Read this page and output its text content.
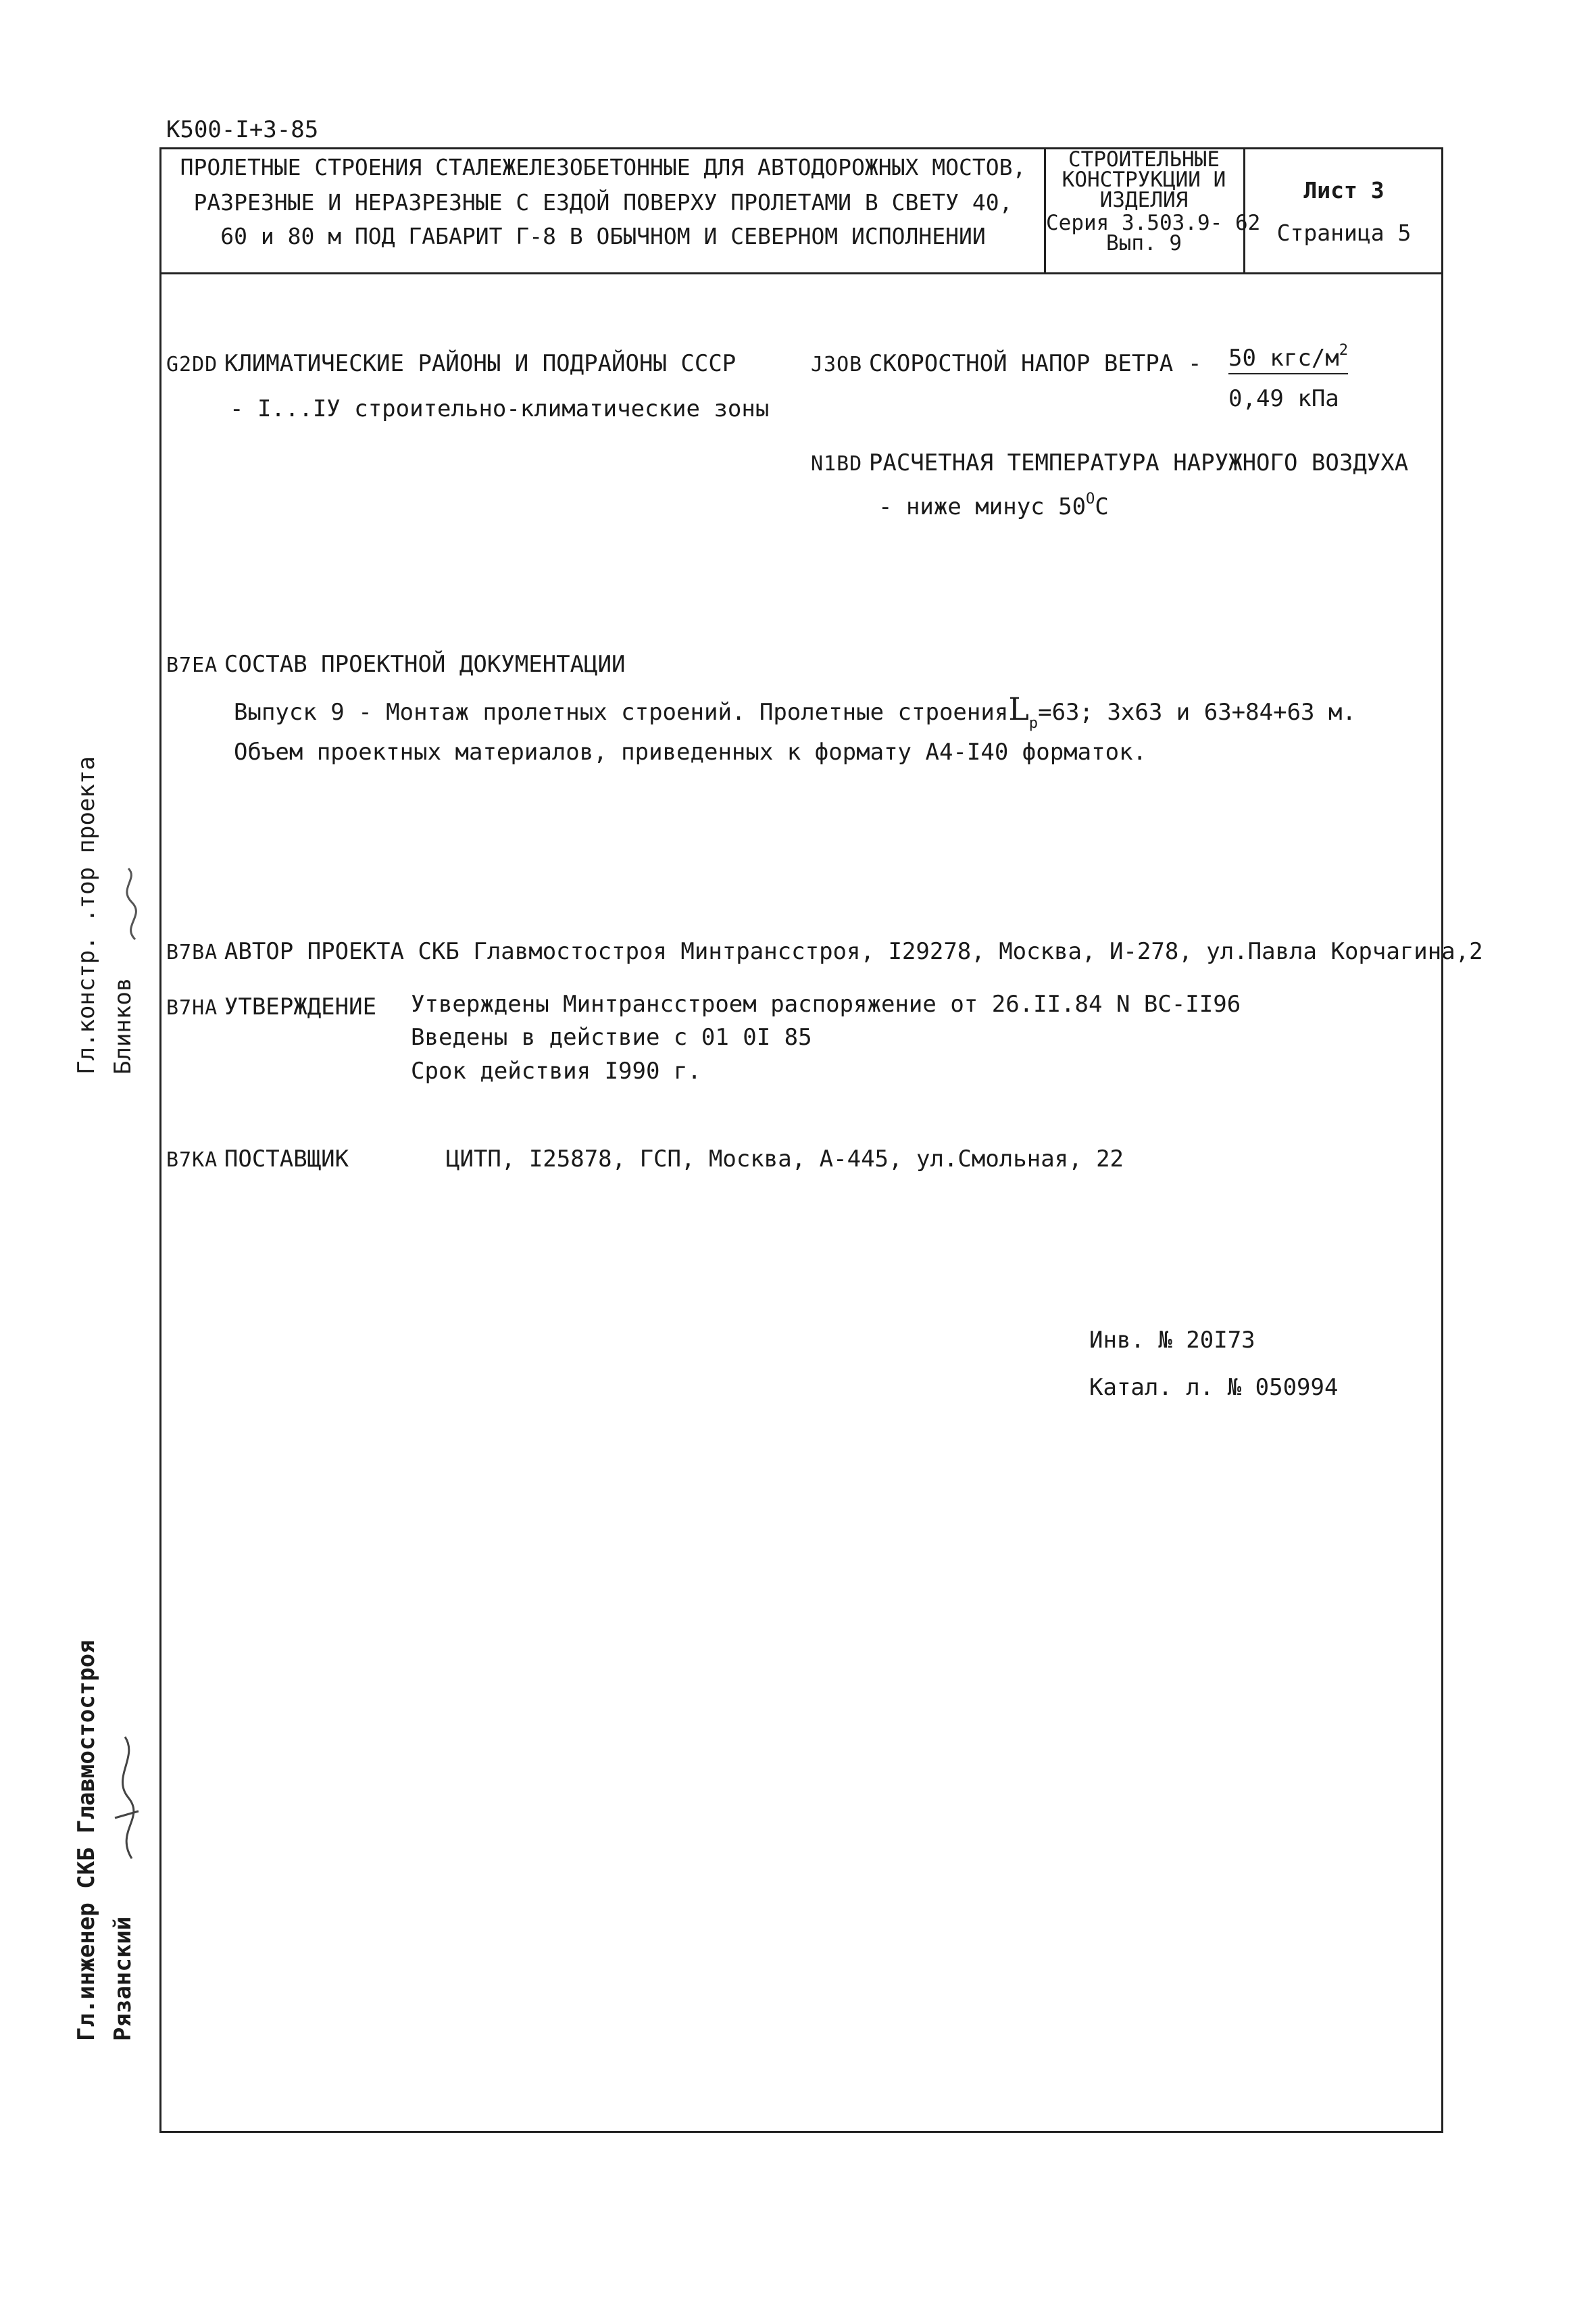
К500-I+3-85
ПРОЛЕТНЫЕ СТРОЕНИЯ СТАЛЕЖЕЛЕЗОБЕТОННЫЕ ДЛЯ АВТОДОРОЖНЫХ МОСТОВ,
РАЗРЕЗНЫЕ И НЕРАЗРЕЗНЫЕ С ЕЗДОЙ ПОВЕРХУ ПРОЛЕТАМИ В СВЕТУ 40,
60 и 80 м ПОД ГАБАРИТ Г-8 В ОБЫЧНОМ И СЕВЕРНОМ ИСПОЛНЕНИИ
СТРОИТЕЛЬНЫЕ
КОНСТРУКЦИИ И
ИЗДЕЛИЯ
Серия 3.503.9- 62
Вып. 9
Лист 3
Страница 5
G2DD КЛИМАТИЧЕСКИЕ РАЙОНЫ И ПОДРАЙОНЫ СССР
- I...IУ строительно-климатические зоны
J3OB СКОРОСТНОЙ НАПОР ВЕТРА - 50 кгс/$м^2$
0,49 кПа
N1BD РАСЧЕТНАЯ ТЕМПЕРАТУРА НАРУЖНОГО ВОЗДУХА
- ниже минус $50^ОС$
B7EA СОСТАВ ПРОЕКТНОЙ ДОКУМЕНТАЦИИ
Выпуск 9 - Монтаж пролетных строений. Пролетные строенияL$_p$=63; 3х63 и 63+84+63 м.
Объем проектных материалов, приведенных к формату А4-I40 форматок.
B7BA АВТОР ПРОЕКТА СКБ Главмостостроя Минтрансстроя, I29278, Москва, И-278, ул.Павла Корчагина,2
B7HA УТВЕРЖДЕНИЕ Утверждены Минтрансстроем распоряжение от 26.II.84 N ВС-II96
Введены в действие с 01 0I 85
Срок действия I990 г.
B7KA ПОСТАВЩИК	ЦИТП, I25878, ГСП, Москва, А-445, ул.Смольная, 22
Инв. № 20I73
Катал. л. № 050994
Гл.констр. .тор проекта Блинков
Гл.инженер СКБ Главмостостроя Рязанский
